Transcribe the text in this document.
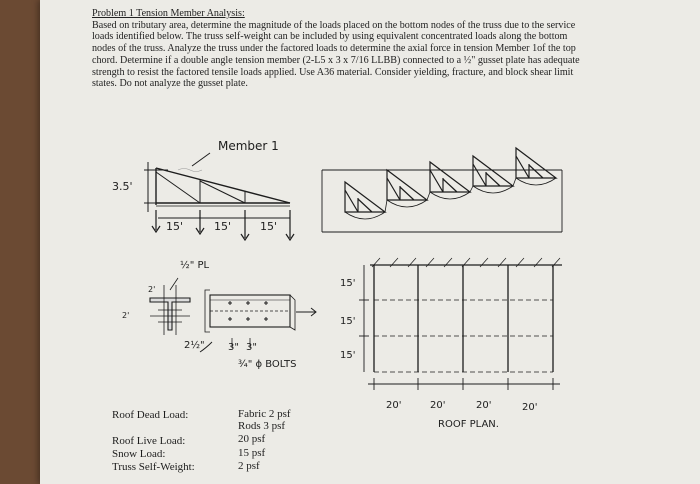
Problem 1 Tension Member Analysis:

Based on tributary area, determine the magnitude of the loads placed on the bottom nodes of the truss due to the service loads identified below. The truss self-weight can be included by using equivalent concentrated loads along the bottom nodes of the truss. Analyze the truss under the factored loads to determine the axial force in tension Member 1of the top chord. Determine if a double angle tension member (2-L5 x 3 x 7/16 LLBB) connected to a ½" gusset plate has adequate strength to resist the factored tensile loads applied. Use A36 material. Consider yielding, fracture, and block shear limit states. Do not analyze the gusset plate.

Member 1
3.5'
15'	15'	15'
½" PL
2'
2'
2½" 3" 3"
¾" ϕ BOLTS
15'
15'
15'
20'	20'	20'	20'
ROOF PLAN.
Roof Dead Load:	Fabric 2 psf
Rods 3 psf
Roof Live Load:	20 psf
Snow Load:	15 psf
Truss Self-Weight:	2 psf
